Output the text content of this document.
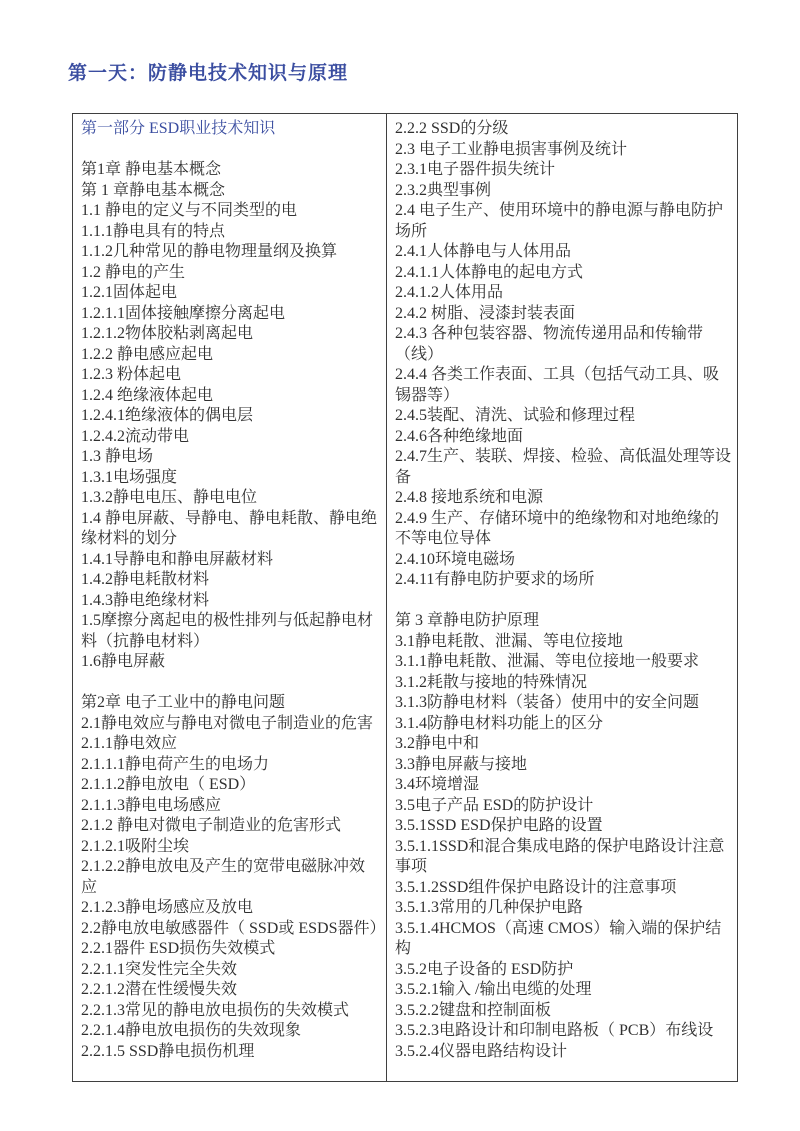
第一天：防静电技术知识与原理
第一部分 ESD职业技术知识
第1章 静电基本概念
第 1 章静电基本概念
1.1 静电的定义与不同类型的电
1.1.1静电具有的特点
1.1.2几种常见的静电物理量纲及换算
1.2 静电的产生
1.2.1固体起电
1.2.1.1固体接触摩擦分离起电
1.2.1.2物体胶粘剥离起电
1.2.2 静电感应起电
1.2.3 粉体起电
1.2.4 绝缘液体起电
1.2.4.1绝缘液体的偶电层
1.2.4.2流动带电
1.3 静电场
1.3.1电场强度
1.3.2静电电压、静电电位
1.4 静电屏蔽、导静电、静电耗散、静电绝缘材料的划分
1.4.1导静电和静电屏蔽材料
1.4.2静电耗散材料
1.4.3静电绝缘材料
1.5摩擦分离起电的极性排列与低起静电材料（抗静电材料）
1.6静电屏蔽
第2章 电子工业中的静电问题
2.1静电效应与静电对微电子制造业的危害
2.1.1静电效应
2.1.1.1静电荷产生的电场力
2.1.1.2静电放电（ ESD）
2.1.1.3静电电场感应
2.1.2 静电对微电子制造业的危害形式
2.1.2.1吸附尘埃
2.1.2.2静电放电及产生的宽带电磁脉冲效应
2.1.2.3静电场感应及放电
2.2静电放电敏感器件（ SSD或 ESDS器件）
2.2.1器件 ESD损伤失效模式
2.2.1.1突发性完全失效
2.2.1.2潜在性缓慢失效
2.2.1.3常见的静电放电损伤的失效模式
2.2.1.4静电放电损伤的失效现象
2.2.1.5 SSD静电损伤机理
2.2.2 SSD的分级
2.3 电子工业静电损害事例及统计
2.3.1电子器件损失统计
2.3.2典型事例
2.4 电子生产、使用环境中的静电源与静电防护场所
2.4.1人体静电与人体用品
2.4.1.1人体静电的起电方式
2.4.1.2人体用品
2.4.2 树脂、浸漆封装表面
2.4.3 各种包装容器、物流传递用品和传输带（线）
2.4.4 各类工作表面、工具（包括气动工具、吸锡器等）
2.4.5装配、清洗、试验和修理过程
2.4.6各种绝缘地面
2.4.7生产、装联、焊接、检验、高低温处理等设备
2.4.8 接地系统和电源
2.4.9 生产、存储环境中的绝缘物和对地绝缘的不等电位导体
2.4.10环境电磁场
2.4.11有静电防护要求的场所
第 3 章静电防护原理
3.1静电耗散、泄漏、等电位接地
3.1.1静电耗散、泄漏、等电位接地一般要求
3.1.2耗散与接地的特殊情况
3.1.3防静电材料（装备）使用中的安全问题
3.1.4防静电材料功能上的区分
3.2静电中和
3.3静电屏蔽与接地
3.4环境增湿
3.5电子产品 ESD的防护设计
3.5.1SSD ESD保护电路的设置
3.5.1.1SSD和混合集成电路的保护电路设计注意
事项
3.5.1.2SSD组件保护电路设计的注意事项
3.5.1.3常用的几种保护电路
3.5.1.4HCMOS（高速 CMOS）输入端的保护结构
3.5.2电子设备的 ESD防护
3.5.2.1输入 /输出电缆的处理
3.5.2.2键盘和控制面板
3.5.2.3电路设计和印制电路板（ PCB）布线设
3.5.2.4仪器电路结构设计
